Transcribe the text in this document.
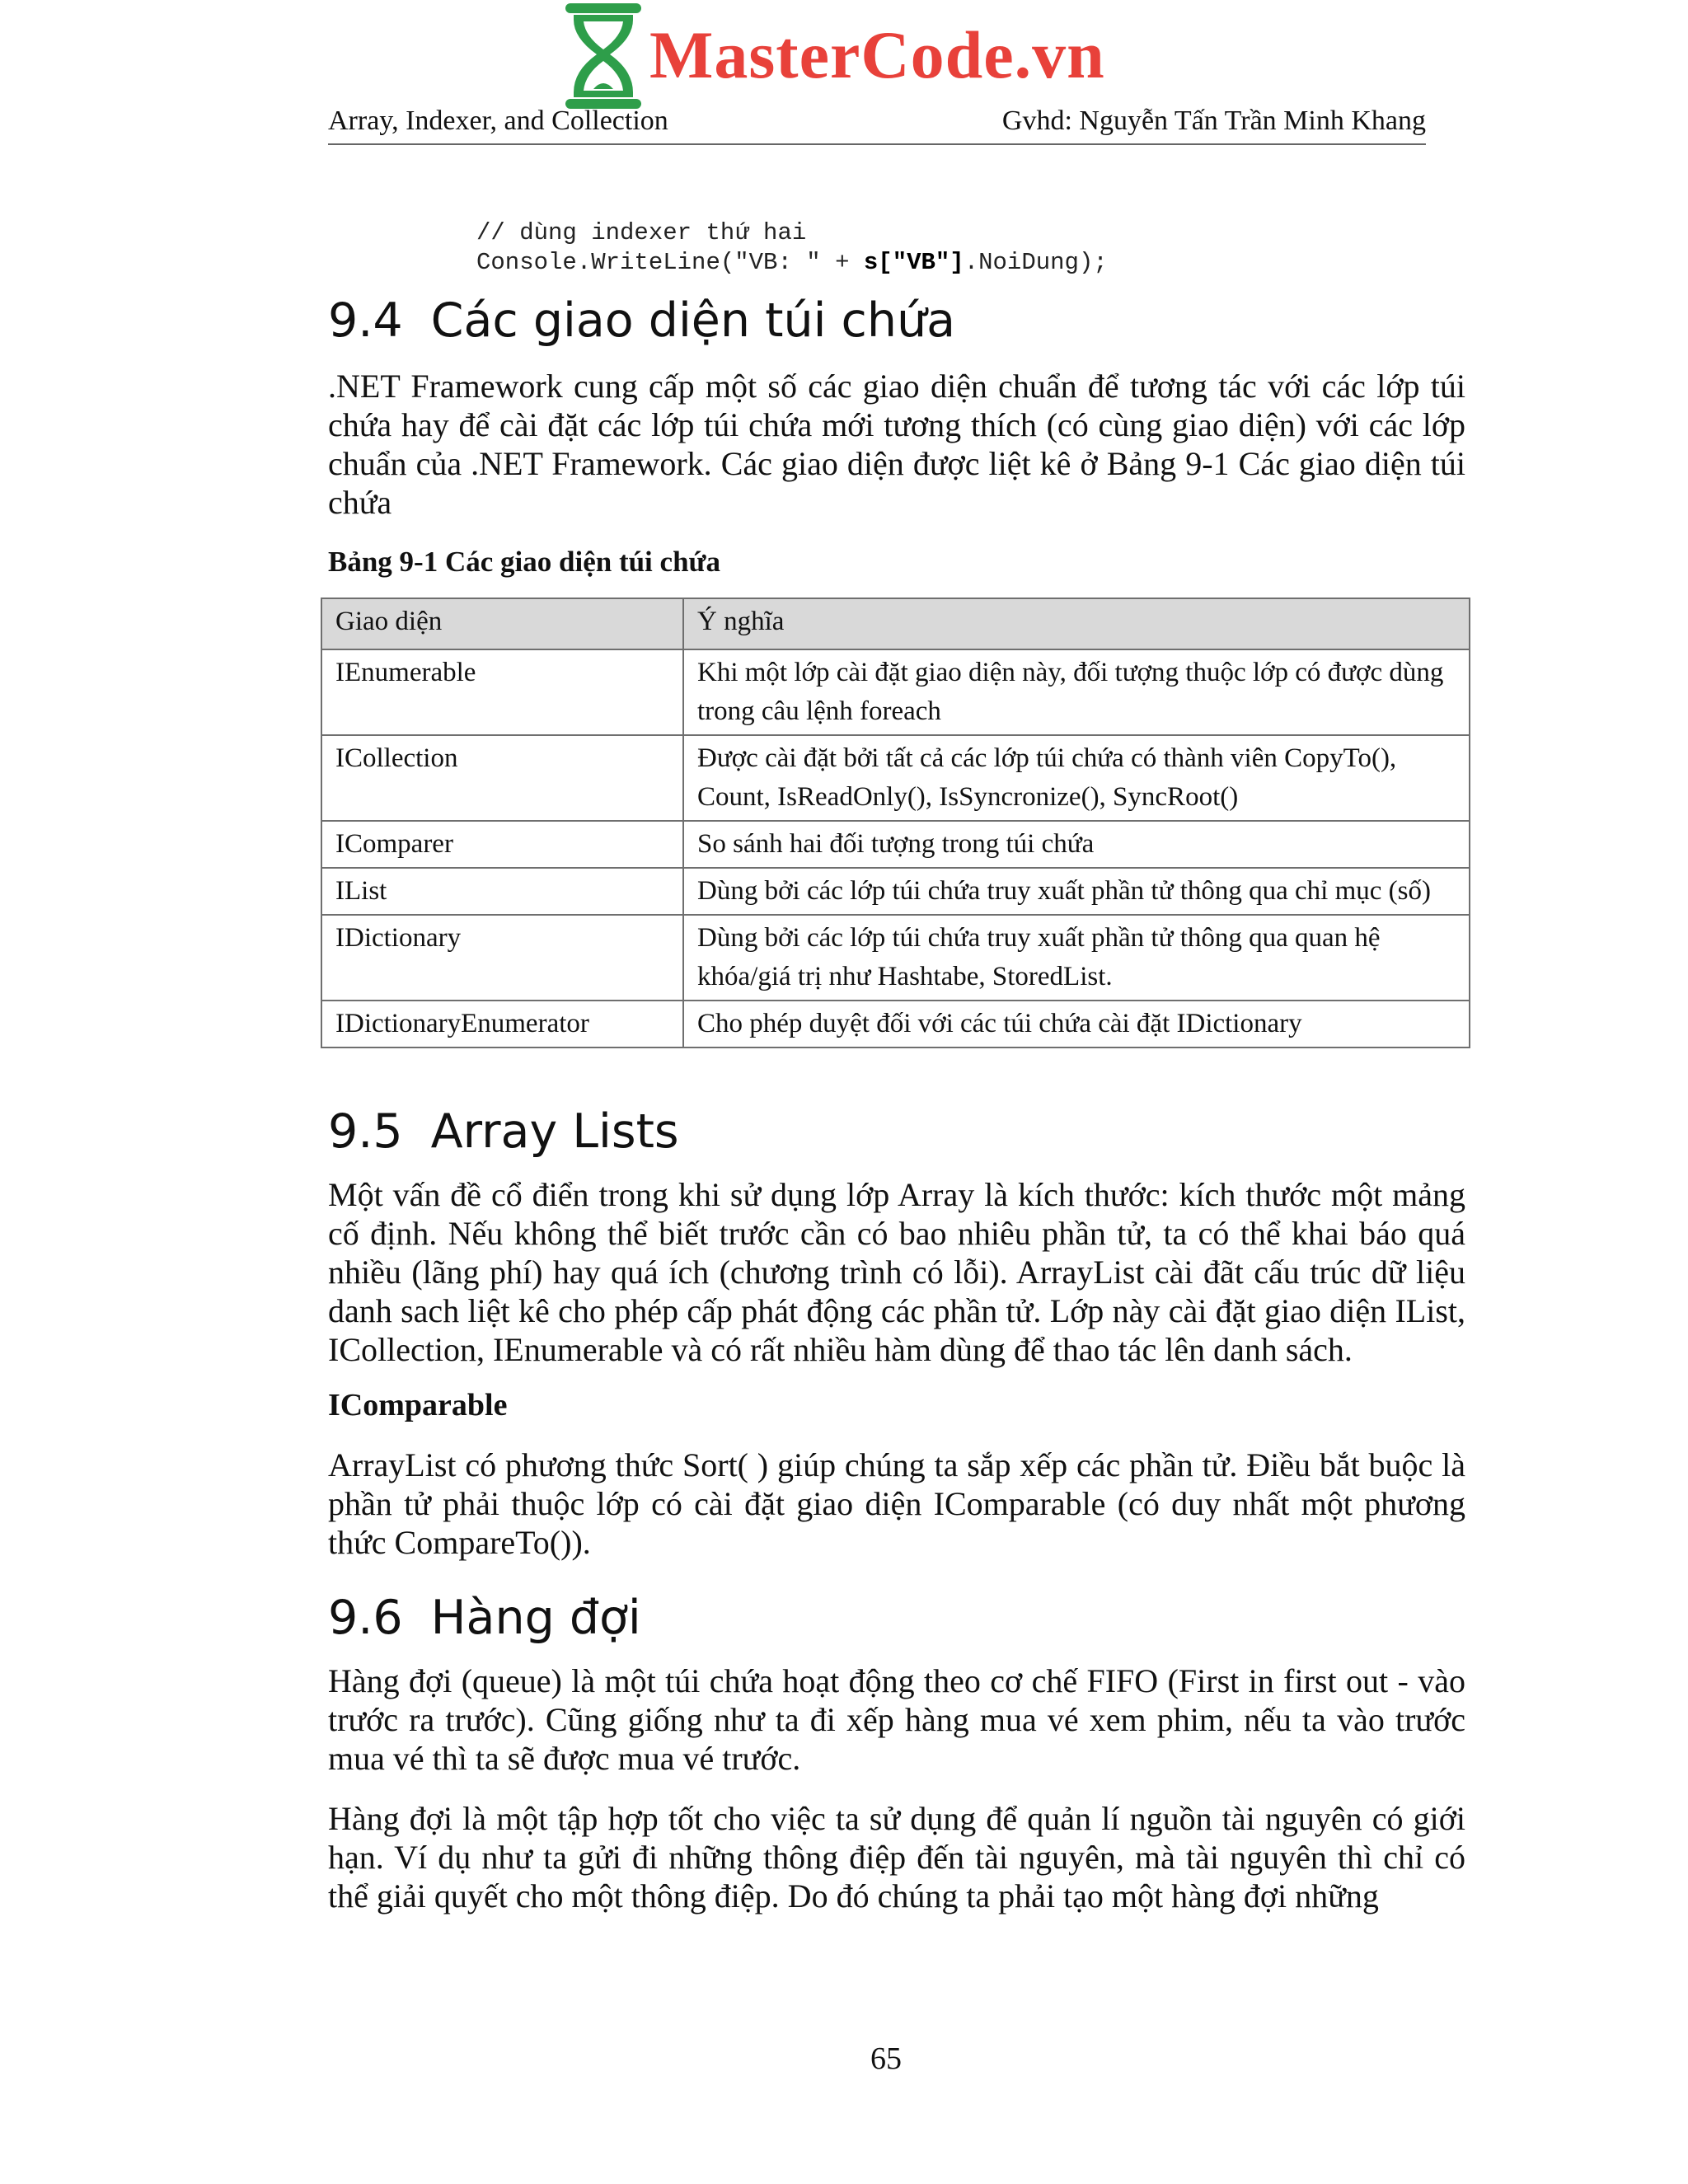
MasterCode.vn
Array, Indexer, and Collection	Gvhd: Nguyễn Tấn Trần Minh Khang
// dùng indexer thứ hai
Console.WriteLine("VB: " + s["VB"].NoiDung);
9.4 Các giao diện túi chứa

.NET Framework cung cấp một số các giao diện chuẩn để tương tác với các lớp túi chứa hay để cài đặt các lớp túi chứa mới tương thích (có cùng giao diện) với các lớp chuẩn của .NET Framework. Các giao diện được liệt kê ở Bảng 9-1 Các giao diện túi chứa

Bảng 9-1 Các giao diện túi chứa

Giao diện	Ý nghĩa
IEnumerable	Khi một lớp cài đặt giao diện này, đối tượng thuộc lớp có được dùng trong câu lệnh foreach
ICollection	Được cài đặt bởi tất cả các lớp túi chứa có thành viên CopyTo(), Count, IsReadOnly(), IsSyncronize(), SyncRoot()
IComparer	So sánh hai đối tượng trong túi chứa
IList	Dùng bởi các lớp túi chứa truy xuất phần tử thông qua chỉ mục (số)
IDictionary	Dùng bởi các lớp túi chứa truy xuất phần tử thông qua quan hệ khóa/giá trị như Hashtabe, StoredList.
IDictionaryEnumerator	Cho phép duyệt đối với các túi chứa cài đặt IDictionary
9.5 Array Lists

Một vấn đề cổ điển trong khi sử dụng lớp Array là kích thước: kích thước một mảng cố định. Nếu không thể biết trước cần có bao nhiêu phần tử, ta có thể khai báo quá nhiều (lãng phí) hay quá ích (chương trình có lỗi). ArrayList cài đãt cấu trúc dữ liệu danh sach liệt kê cho phép cấp phát động các phần tử. Lớp này cài đặt giao diện IList, ICollection, IEnumerable và có rất nhiều hàm dùng để thao tác lên danh sách.

IComparable

ArrayList có phương thức Sort( ) giúp chúng ta sắp xếp các phần tử. Điều bắt buộc là phần tử phải thuộc lớp có cài đặt giao diện IComparable (có duy nhất một phương thức CompareTo()).

9.6 Hàng đợi

Hàng đợi (queue) là một túi chứa hoạt động theo cơ chế FIFO (First in first out - vào trước ra trước). Cũng giống như ta đi xếp hàng mua vé xem phim, nếu ta vào trước mua vé thì ta sẽ được mua vé trước.

Hàng đợi là một tập hợp tốt cho việc ta sử dụng để quản lí nguồn tài nguyên có giới hạn. Ví dụ như ta gửi đi những thông điệp đến tài nguyên, mà tài nguyên thì chỉ có thể giải quyết cho một thông điệp. Do đó chúng ta phải tạo một hàng đợi những

65
